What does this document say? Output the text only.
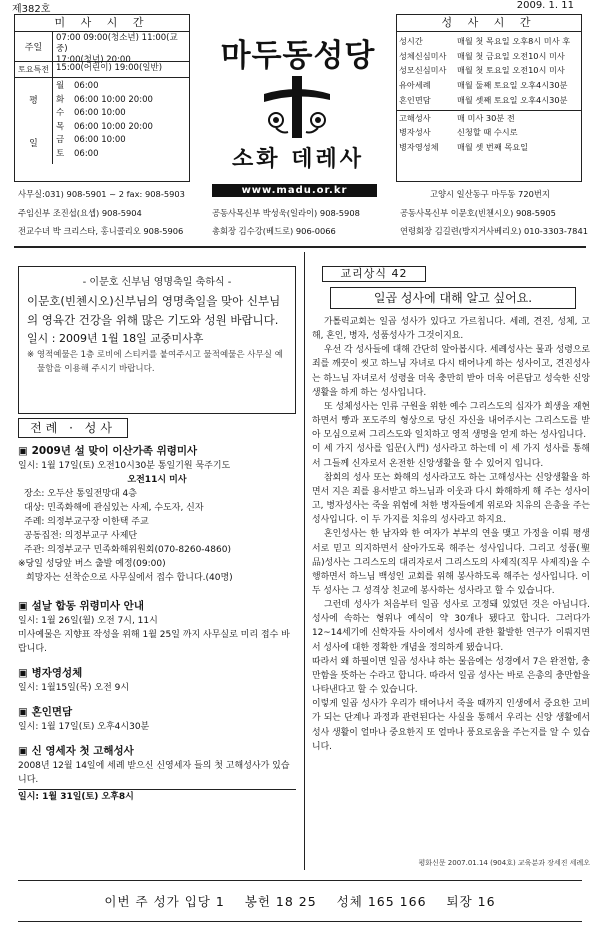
제382호	2009. 1. 11
미 사 시 간
주일
07:00 09:00(청소년) 11:00(교중)
17:00(청년) 20:00
토요특전 15:00(어린이) 19:00(일반)
평
일
월 06:00
화 06:00 10:00 20:00
수 06:00 10:00
목 06:00 10:00 20:00
금 06:00 10:00
토 06:00
마두동성당
소화 데레사
www.madu.or.kr
성 사 시 간
성시간	매월 첫 목요일 오후8시 미사 후
성체신심미사	매월 첫 금요일 오전10시 미사
성모신심미사	매월 첫 토요일 오전10시 미사
유아세례	매월 둘째 토요일 오후4시30분
혼인면담	매월 셋째 토요일 오후4시30분
고해성사	매 미사 30분 전
병자성사	신청할 때 수시로
병자영성체	매월 셋 번째 목요일
사무실:031) 908-5901 ~ 2 fax: 908-5903	고양시 일산동구 마두동 720번지
주임신부 조진섭(요셉) 908-5904	공동사목신부 박성욱(일라이) 908-5908	공동사목신부 이문호(빈첸시오) 908-5905
전교수녀 박 크리스타, 홍니콜리오 908-5906	총회장 김수강(베드로) 906-0066	연령회장 김길련(방지거사베리오) 010-3303-7841
- 이문호 신부님 영명축일 축하식 -
이문호(빈첸시오)신부님의 영명축일을 맞아 신부님의 영육간 건강을 위해 많은 기도와 성원 바랍니다.
일시 : 2009년 1월 18일 교중미사후
※ 영적예물은 1층 로비에 스티커를 붙여주시고 물적예물은 사무실 예물함을 이용해 주시기 바랍니다.
전례 · 성사
▣ 2009년 설 맞이 이산가족 위령미사
일시: 1월 17일(토) 오전10시30분 통일기원 묵주기도
오전11시 미사
장소: 오두산 통일전망대 4층
대상: 민족화해에 관심있는 사제, 수도자, 신자
주례: 의정부교구장 이한택 주교
공동집전: 의정부교구 사제단
주관: 의정부교구 민족화해위원회(070-8260-4860)
※당일 성당앞 버스 출발 예정(09:00)
희망자는 선착순으로 사무실에서 접수 합니다.(40명)
▣ 설날 합동 위령미사 안내
일시: 1월 26일(월) 오전 7시, 11시
미사예물은 지향표 작성을 위해 1월 25일 까지 사무실로 미리 접수 바랍니다.
▣ 병자영성체
일시: 1월15일(목) 오전 9시
▣ 혼인면담
일시: 1월 17일(토) 오후4시30분
▣ 신 영세자 첫 고해성사
2008년 12월 14일에 세례 받으신 신영세자 들의 첫 고해성사가 있습니다.
일시: 1월 31일(토) 오후8시
교리상식 42
일곱 성사에 대해 알고 싶어요.

가톨릭교회는 일곱 성사가 있다고 가르칩니다. 세례, 견진, 성체, 고해, 혼인, 병자, 성품성사가 그것이지요.

우선 각 성사들에 대해 간단히 알아봅시다. 세례성사는 물과 성령으로 죄를 깨끗이 씻고 하느님 자녀로 다시 태어나게 하는 성사이고, 견진성사는 하느님 자녀로서 성령을 더욱 충만히 받아 더욱 어른답고 성숙한 신앙생활을 하게 하는 성사입니다.

또 성체성사는 인류 구원을 위한 예수 그리스도의 십자가 희생을 재현하면서 빵과 포도주의 형상으로 당신 자신을 내어주시는 그리스도를 받아 모심으로써 그리스도와 일치하고 영적 생명을 얻게 하는 성사입니다.

이 세 가지 성사를 입문(入門) 성사라고 하는데 이 세 가지 성사를 통해서 그들께 신자로서 온전한 신앙생활을 할 수 있어지 입니다.

참회의 성사 또는 화해의 성사라고도 하는 고해성사는 신앙생활을 하면서 지은 죄를 용서받고 하느님과 이웃과 다시 화해하게 해 주는 성사이고, 병자성사는 죽을 위험에 처한 병자들에게 위로와 치유의 은총을 주는 성사입니다. 이 두 가지를 치유의 성사라고 하지요.

혼인성사는 한 남자와 한 여자가 부부의 연을 맺고 가정을 이뤄 평생 서로 믿고 의지하면서 살아가도록 해주는 성사입니다. 그리고 성품(聖品)성사는 그리스도의 대리자로서 그리스도의 사제직(직무 사제직)을 수행하면서 하느님 백성인 교회를 위해 봉사하도록 해주는 성사입니다. 이 두 성사는 그 성격상 친교에 봉사하는 성사라고 할 수 있습니다.

그런데 성사가 처음부터 일곱 성사로 고정돼 있었던 것은 아닙니다. 성사에 속하는 형위나 예식이 약 30개나 됐다고 합니다. 그러다가 12~14세기에 신학자들 사이에서 성사에 관한 활발한 연구가 이뤄지면서 성사에 대한 정확한 개념을 정의하게 됐습니다.

따라서 왜 하필이면 일곱 성사냐 하는 물음에는 성경에서 7은 완전함, 충만함을 뜻하는 수라고 합니다. 따라서 일곱 성사는 바로 은총의 충만함을 나타낸다고 할 수 있습니다.

이렇게 일곱 성사가 우리가 태어나서 죽을 때까지 인생에서 중요한 고비가 되는 단계나 과정과 관련된다는 사실을 통해서 우리는 신앙 생활에서 성사 생활이 얼마나 중요한지 또 얼마나 풍요로움을 주는지를 알 수 있습니다.

평화신문 2007.01.14 (904호) 교육분과 장세진 세례오
이번 주 성가 입당 1 봉헌 18 25 성체 165 166 퇴장 16
